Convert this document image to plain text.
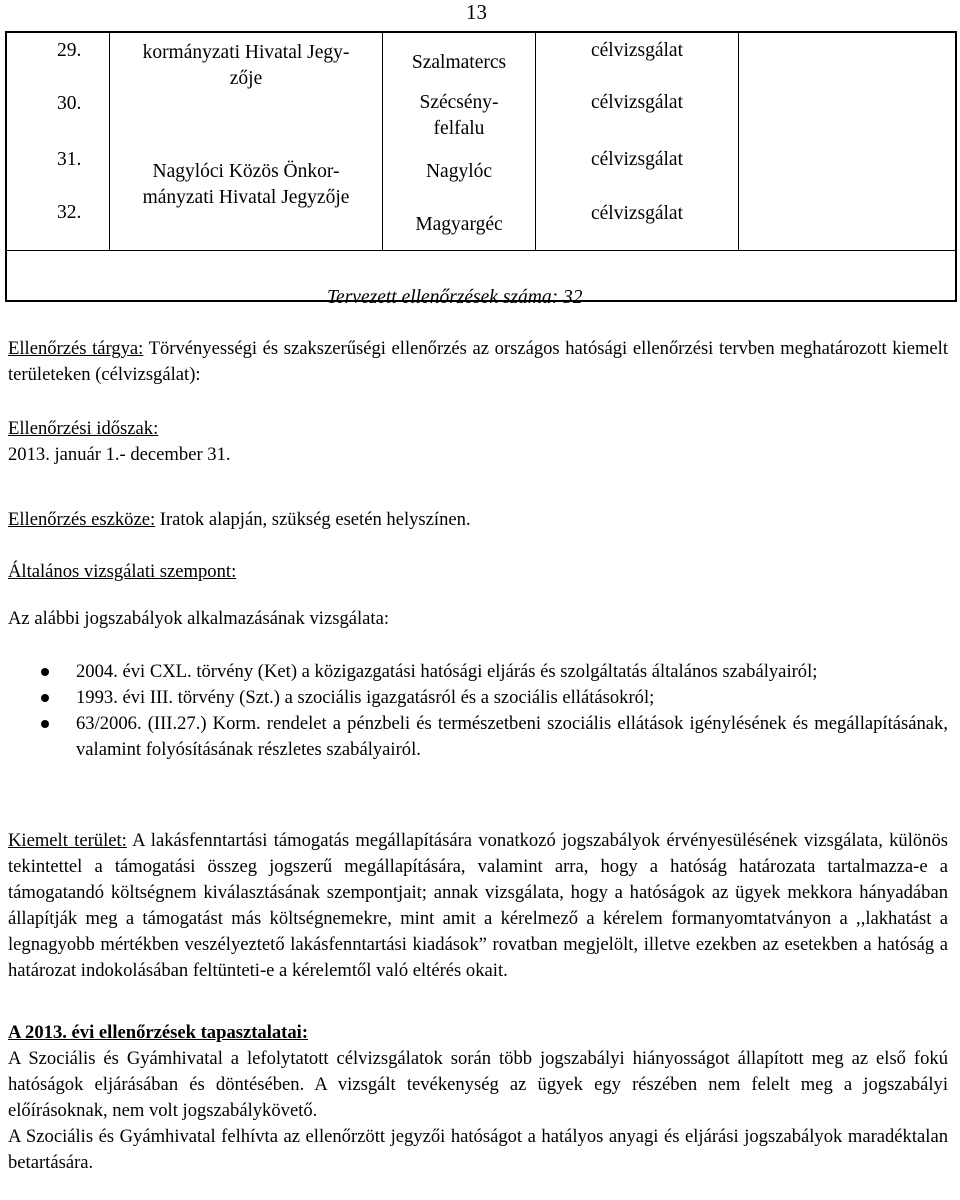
13
29.
30.
31.
32.
kormányzati Hivatal Jegy-
zője
Nagylóci Közös Önkor-
mányzati Hivatal Jegyzője
Szalmatercs
Szécsény-
felfalu
Nagylóc
Magyargéc
célvizsgálat
célvizsgálat
célvizsgálat
célvizsgálat
Tervezett ellenőrzések száma: 32

Ellenőrzés tárgya: Törvényességi és szakszerűségi ellenőrzés az országos hatósági ellenőrzési tervben meghatározott kiemelt területeken (célvizsgálat):

Ellenőrzési időszak:

2013. január 1.- december 31.

Ellenőrzés eszköze: Iratok alapján, szükség esetén helyszínen.

Általános vizsgálati szempont:

Az alábbi jogszabályok alkalmazásának vizsgálata:
2004. évi CXL. törvény (Ket) a közigazgatási hatósági eljárás és szolgáltatás általános szabályairól;
1993. évi III. törvény (Szt.) a szociális igazgatásról és a szociális ellátásokról;
63/2006. (III.27.) Korm. rendelet a pénzbeli és természetbeni szociális ellátások igénylésének és megállapításának, valamint folyósításának részletes szabályairól.

Kiemelt terület: A lakásfenntartási támogatás megállapítására vonatkozó jogszabályok érvényesülésének vizsgálata, különös tekintettel a támogatási összeg jogszerű megállapítására, valamint arra, hogy a hatóság határozata tartalmazza-e a támogatandó költségnem kiválasztásának szempontjait; annak vizsgálata, hogy a hatóságok az ügyek mekkora hányadában állapítják meg a támogatást más költségnemekre, mint amit a kérelmező a kérelem formanyomtatványon a ,,lakhatást a legnagyobb mértékben veszélyeztető lakásfenntartási kiadások” rovatban megjelölt, illetve ezekben az esetekben a hatóság a határozat indokolásában feltünteti-e a kérelemtől való eltérés okait.

A 2013. évi ellenőrzések tapasztalatai:

A Szociális és Gyámhivatal a lefolytatott célvizsgálatok során több jogszabályi hiányosságot állapított meg az első fokú hatóságok eljárásában és döntésében. A vizsgált tevékenység az ügyek egy részében nem felelt meg a jogszabályi előírásoknak, nem volt jogszabálykövető.

A Szociális és Gyámhivatal felhívta az ellenőrzött jegyzői hatóságot a hatályos anyagi és eljárási jogszabályok maradéktalan betartására.
